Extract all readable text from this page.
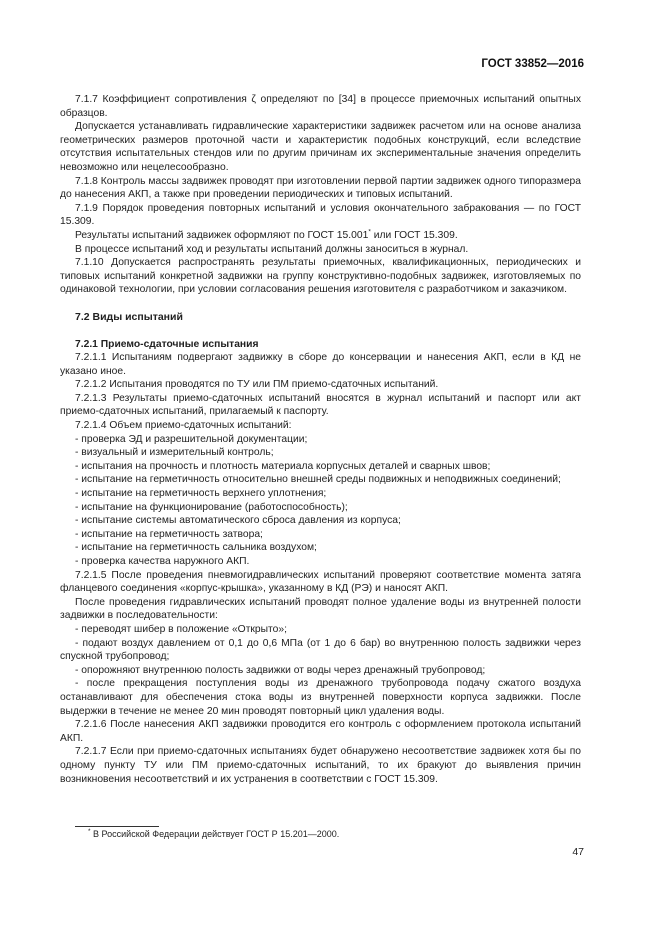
ГОСТ 33852—2016

7.1.7 Коэффициент сопротивления ζ определяют по [34] в процессе приемочных испытаний опытных образцов.

Допускается устанавливать гидравлические характеристики задвижек расчетом или на основе анализа геометрических размеров проточной части и характеристик подобных конструкций, если вследствие отсутствия испытательных стендов или по другим причинам их экспериментальные значения определить невозможно или нецелесообразно.

7.1.8 Контроль массы задвижек проводят при изготовлении первой партии задвижек одного типоразмера до нанесения АКП, а также при проведении периодических и типовых испытаний.

7.1.9 Порядок проведения повторных испытаний и условия окончательного забракования — по ГОСТ 15.309.

Результаты испытаний задвижек оформляют по ГОСТ 15.001* или ГОСТ 15.309.

В процессе испытаний ход и результаты испытаний должны заноситься в журнал.

7.1.10 Допускается распространять результаты приемочных, квалификационных, периодических и типовых испытаний конкретной задвижки на группу конструктивно-подобных задвижек, изготовляемых по одинаковой технологии, при условии согласования решения изготовителя с разработчиком и заказчиком.

7.2 Виды испытаний
7.2.1 Приемо-сдаточные испытания

7.2.1.1 Испытаниям подвергают задвижку в сборе до консервации и нанесения АКП, если в КД не указано иное.

7.2.1.2 Испытания проводятся по ТУ или ПМ приемо-сдаточных испытаний.

7.2.1.3 Результаты приемо-сдаточных испытаний вносятся в журнал испытаний и паспорт или акт приемо-сдаточных испытаний, прилагаемый к паспорту.

7.2.1.4 Объем приемо-сдаточных испытаний:

- проверка ЭД и разрешительной документации;

- визуальный и измерительный контроль;

- испытания на прочность и плотность материала корпусных деталей и сварных швов;

- испытание на герметичность относительно внешней среды подвижных и неподвижных соединений;

- испытание на герметичность верхнего уплотнения;

- испытание на функционирование (работоспособность);

- испытание системы автоматического сброса давления из корпуса;

- испытание на герметичность затвора;

- испытание на герметичность сальника воздухом;

- проверка качества наружного АКП.

7.2.1.5 После проведения пневмогидравлических испытаний проверяют соответствие момента затяга фланцевого соединения «корпус-крышка», указанному в КД (РЭ) и наносят АКП.

После проведения гидравлических испытаний проводят полное удаление воды из внутренней полости задвижки в последовательности:

- переводят шибер в положение «Открыто»;

- подают воздух давлением от 0,1 до 0,6 МПа (от 1 до 6 бар) во внутреннюю полость задвижки через спускной трубопровод;

- опорожняют внутреннюю полость задвижки от воды через дренажный трубопровод;

- после прекращения поступления воды из дренажного трубопровода подачу сжатого воздуха останавливают для обеспечения стока воды из внутренней поверхности корпуса задвижки. После выдержки в течение не менее 20 мин проводят повторный цикл удаления воды.

7.2.1.6 После нанесения АКП задвижки проводится его контроль с оформлением протокола испытаний АКП.

7.2.1.7 Если при приемо-сдаточных испытаниях будет обнаружено несоответствие задвижек хотя бы по одному пункту ТУ или ПМ приемо-сдаточных испытаний, то их бракуют до выявления причин возникновения несоответствий и их устранения в соответствии с ГОСТ 15.309.

* В Российской Федерации действует ГОСТ Р 15.201—2000.
47
